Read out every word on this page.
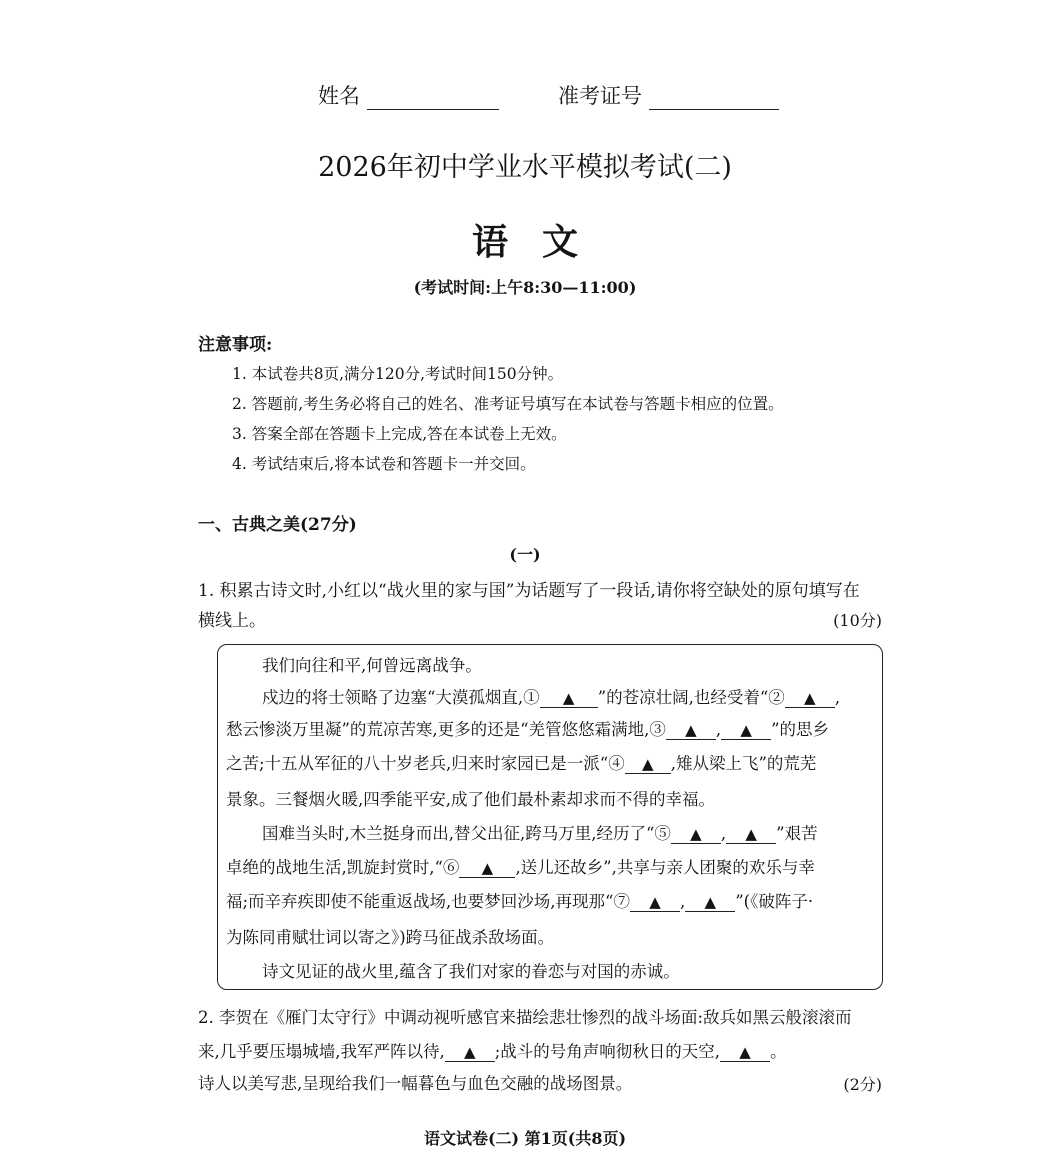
姓名	准考证号
2026年初中学业水平模拟考试(二)
语文
(考试时间:上午8:30—11:00)
注意事项:
1. 本试卷共8页,满分120分,考试时间150分钟。
2. 答题前,考生务必将自己的姓名、准考证号填写在本试卷与答题卡相应的位置。
3. 答案全部在答题卡上完成,答在本试卷上无效。
4. 考试结束后,将本试卷和答题卡一并交回。
一、古典之美(27分)
(一)
1. 积累古诗文时,小红以“战火里的家与国”为话题写了一段话,请你将空缺处的原句填写在
横线上。	(10分)
我们向往和平,何曾远离战争。
戍边的将士领略了边塞“大漠孤烟直,① ▲ ”的苍凉壮阔,也经受着“② ▲ ,
愁云惨淡万里凝”的荒凉苦寒,更多的还是“羌管悠悠霜满地,③ ▲ , ▲ ”的思乡
之苦;十五从军征的八十岁老兵,归来时家园已是一派“④ ▲ ,雉从梁上飞”的荒芜
景象。三餐烟火暖,四季能平安,成了他们最朴素却求而不得的幸福。
国难当头时,木兰挺身而出,替父出征,跨马万里,经历了“⑤ ▲ , ▲ ”艰苦
卓绝的战地生活,凯旋封赏时,“⑥ ▲ ,送儿还故乡”,共享与亲人团聚的欢乐与幸
福;而辛弃疾即使不能重返战场,也要梦回沙场,再现那“⑦ ▲ , ▲ ”(《破阵子·
为陈同甫赋壮词以寄之》)跨马征战杀敌场面。
诗文见证的战火里,蕴含了我们对家的眷恋与对国的赤诚。
2. 李贺在《雁门太守行》中调动视听感官来描绘悲壮惨烈的战斗场面:敌兵如黑云般滚滚而
来,几乎要压塌城墙,我军严阵以待, ▲ ;战斗的号角声响彻秋日的天空, ▲ 。
诗人以美写悲,呈现给我们一幅暮色与血色交融的战场图景。	(2分)
语文试卷(二) 第1页(共8页)
